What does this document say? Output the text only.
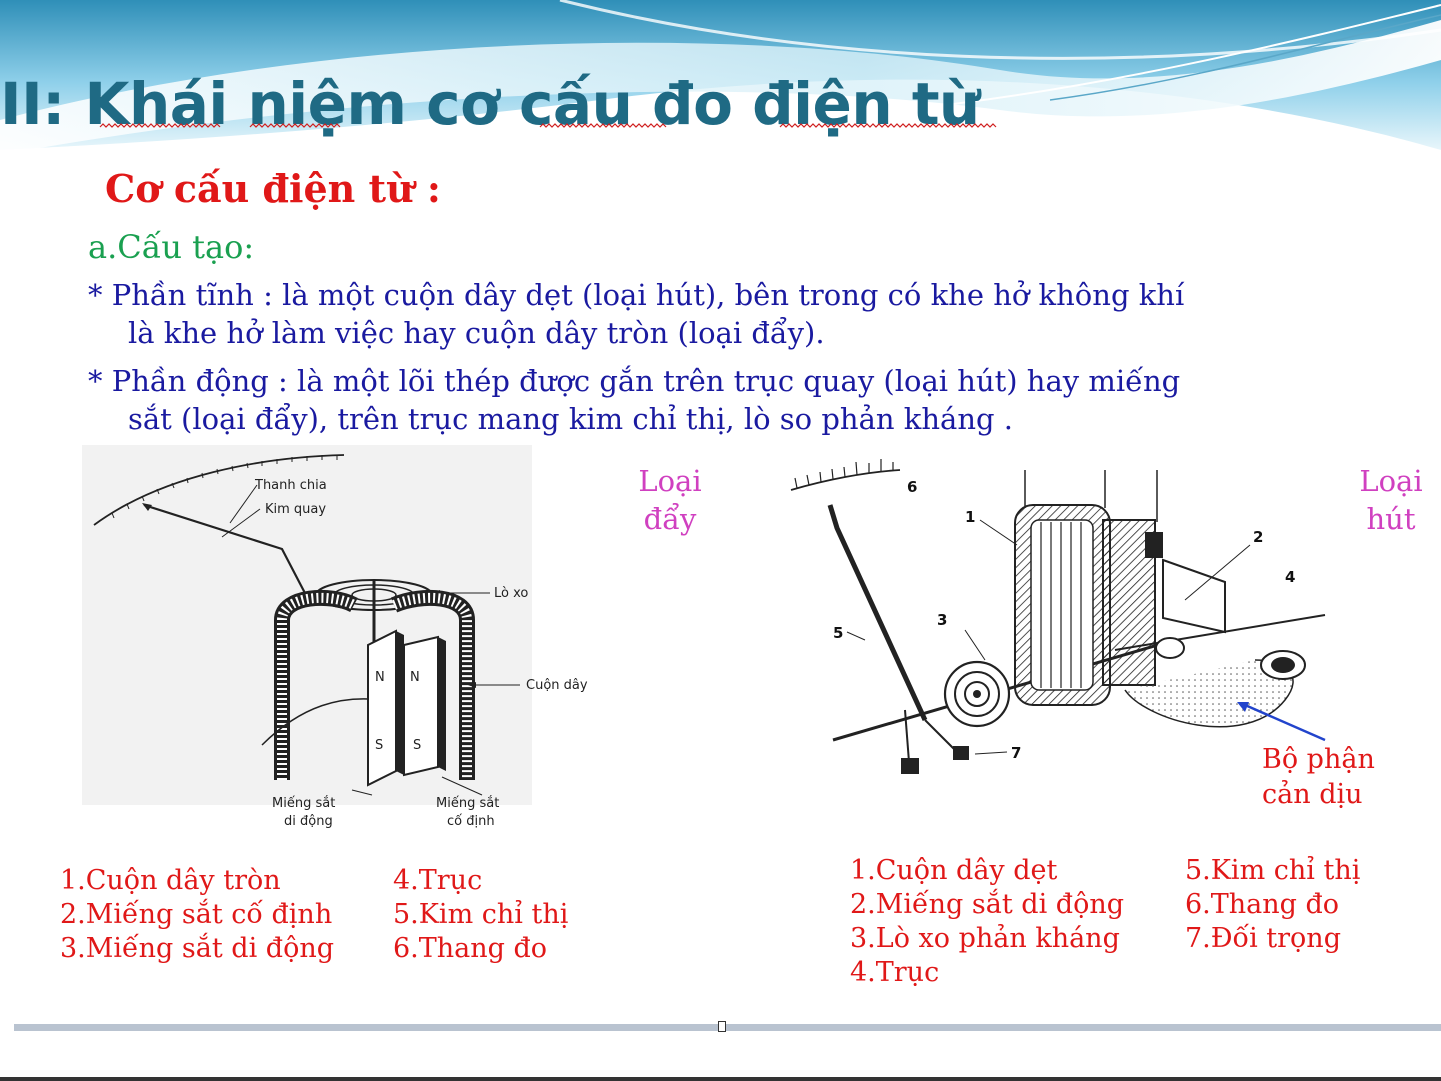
II: Khái niệm cơ cấu đo điện từ
Cơ cấu điện từ :
a.Cấu tạo:
* Phần tĩnh : là một cuộn dây dẹt (loại hút), bên trong có khe hở không khí
là khe hở làm việc hay cuộn dây tròn (loại đẩy).
* Phần động : là một lõi thép được gắn trên trục quay (loại hút) hay miếng
sắt (loại đẩy), trên trục mang kim chỉ thị, lò so phản kháng .
Thanh chia
Kim quay
Lò xo
Cuộn dây
N N
S S
Miếng sắt
di động
Miếng sắt
cố định
Loại
đẩy
6
5
3
1
2
4
7
Loại
hút
Bộ phận
cản dịu
1.Cuộn dây tròn
2.Miếng sắt cố định
3.Miếng sắt di động
4.Trục
5.Kim chỉ thị
6.Thang đo
1.Cuộn dây dẹt
2.Miếng sắt di động
3.Lò xo phản kháng
4.Trục
5.Kim chỉ thị
6.Thang đo
7.Đối trọng
